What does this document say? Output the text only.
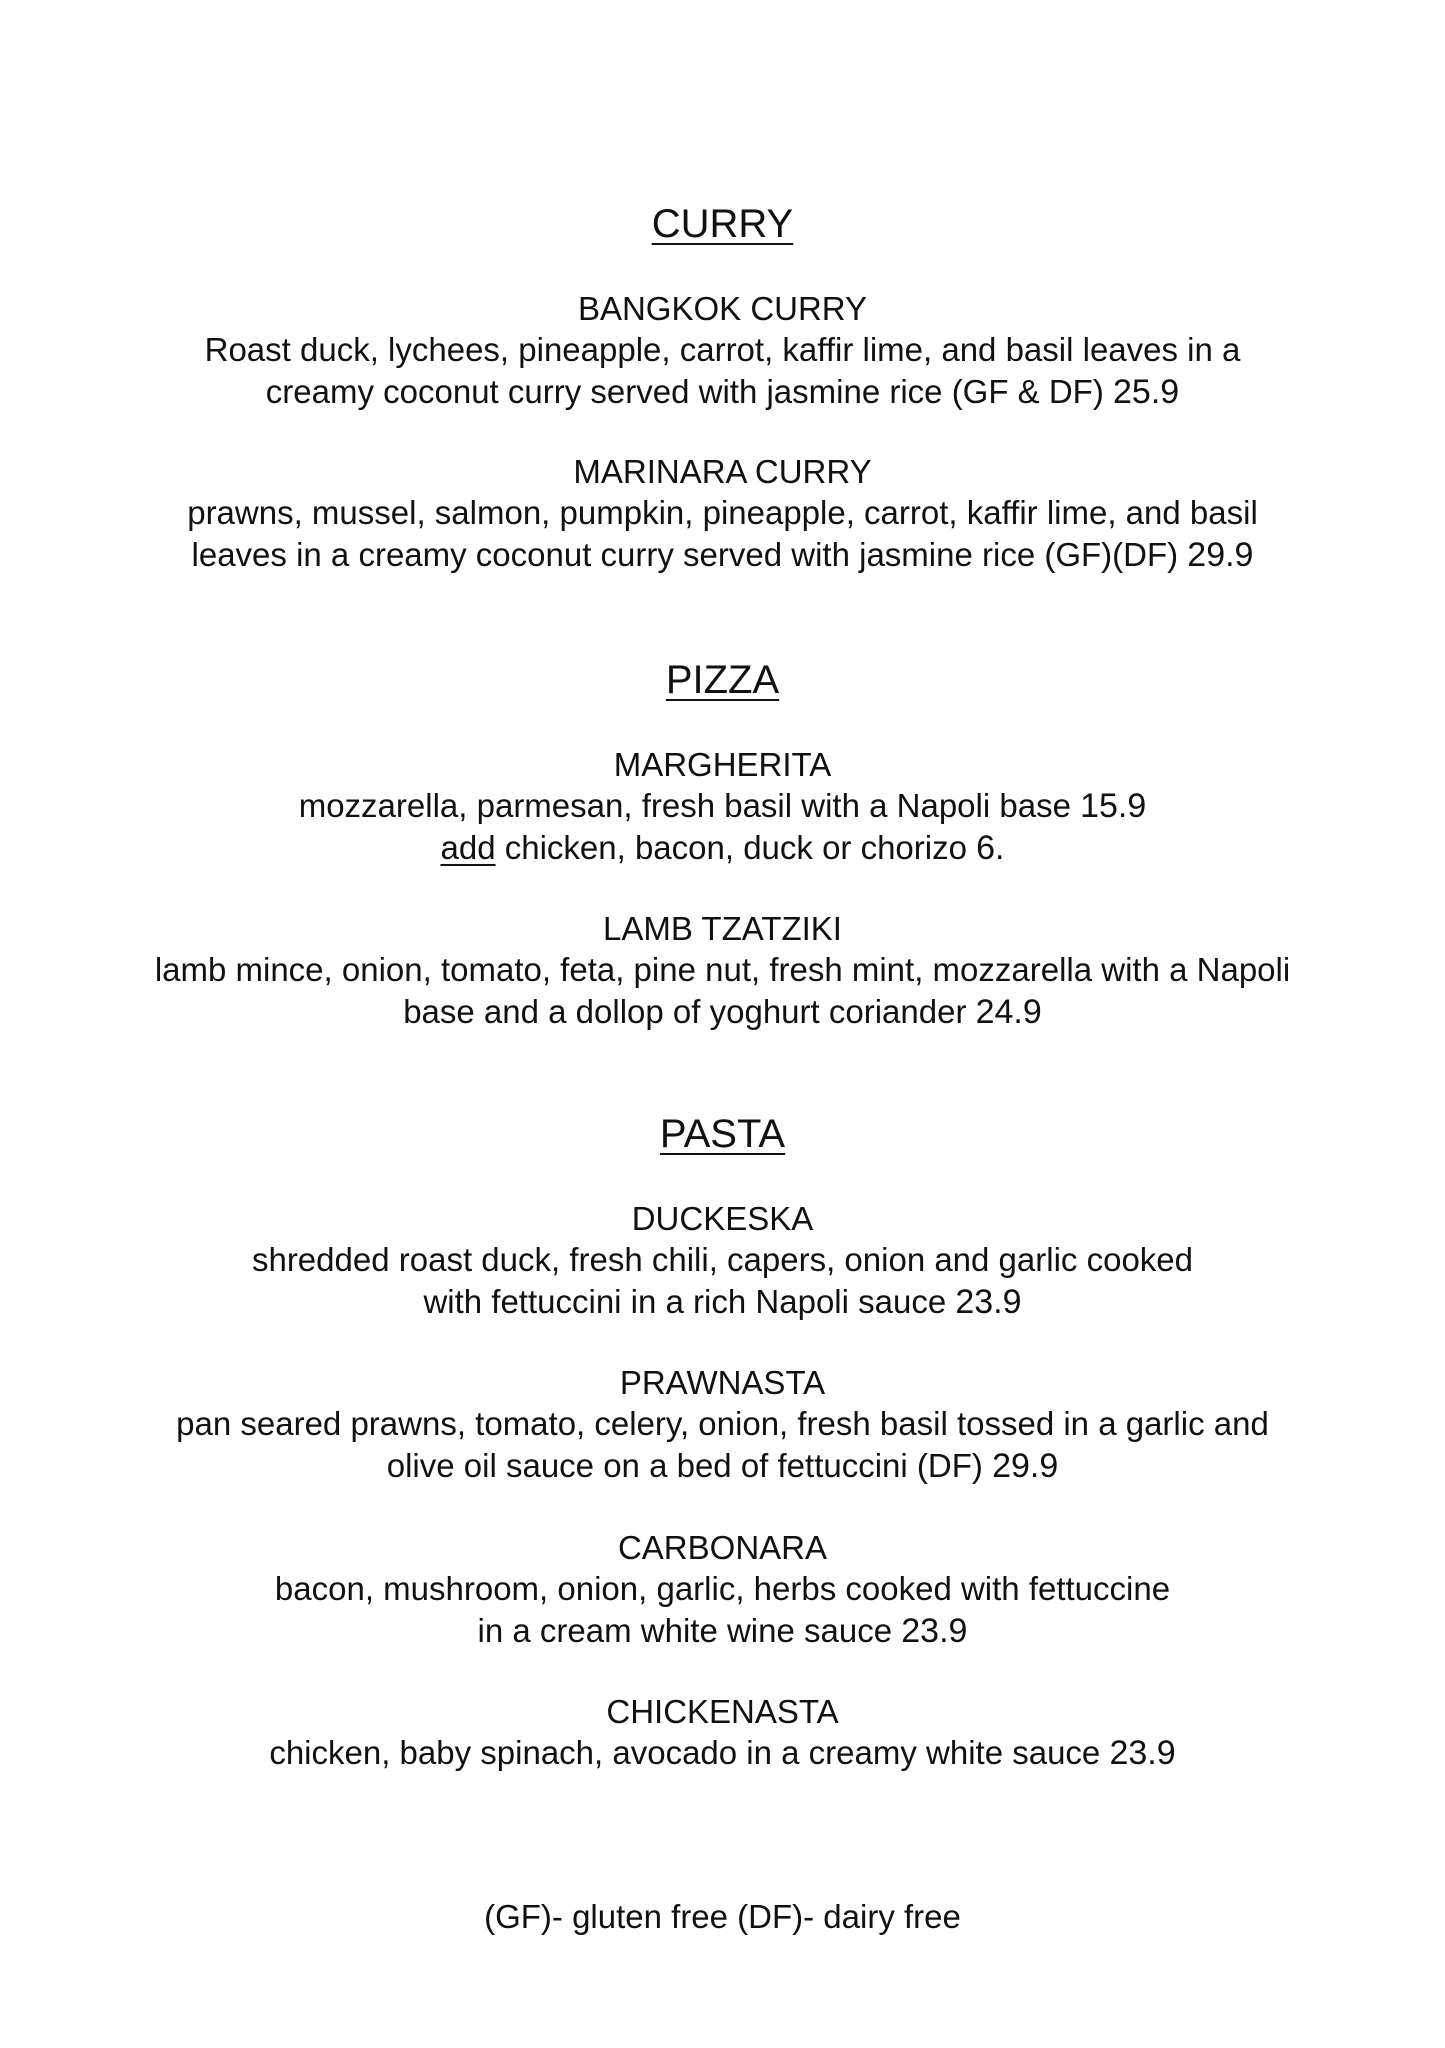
CURRY

BANGKOK CURRY

Roast duck, lychees, pineapple, carrot, kaffir lime, and basil leaves in a

creamy coconut curry served with jasmine rice (GF & DF) 25.9

MARINARA CURRY

prawns, mussel, salmon, pumpkin, pineapple, carrot, kaffir lime, and basil

leaves in a creamy coconut curry served with jasmine rice (GF)(DF) 29.9

PIZZA

MARGHERITA

mozzarella, parmesan, fresh basil with a Napoli base 15.9

add chicken, bacon, duck or chorizo 6.

LAMB TZATZIKI

lamb mince, onion, tomato, feta, pine nut, fresh mint, mozzarella with a Napoli

base and a dollop of yoghurt coriander 24.9

PASTA

DUCKESKA

shredded roast duck, fresh chili, capers, onion and garlic cooked

with fettuccini in a rich Napoli sauce 23.9

PRAWNASTA

pan seared prawns, tomato, celery, onion, fresh basil tossed in a garlic and

olive oil sauce on a bed of fettuccini (DF) 29.9

CARBONARA

bacon, mushroom, onion, garlic, herbs cooked with fettuccine

in a cream white wine sauce 23.9

CHICKENASTA

chicken, baby spinach, avocado in a creamy white sauce 23.9

(GF)- gluten free (DF)- dairy free
